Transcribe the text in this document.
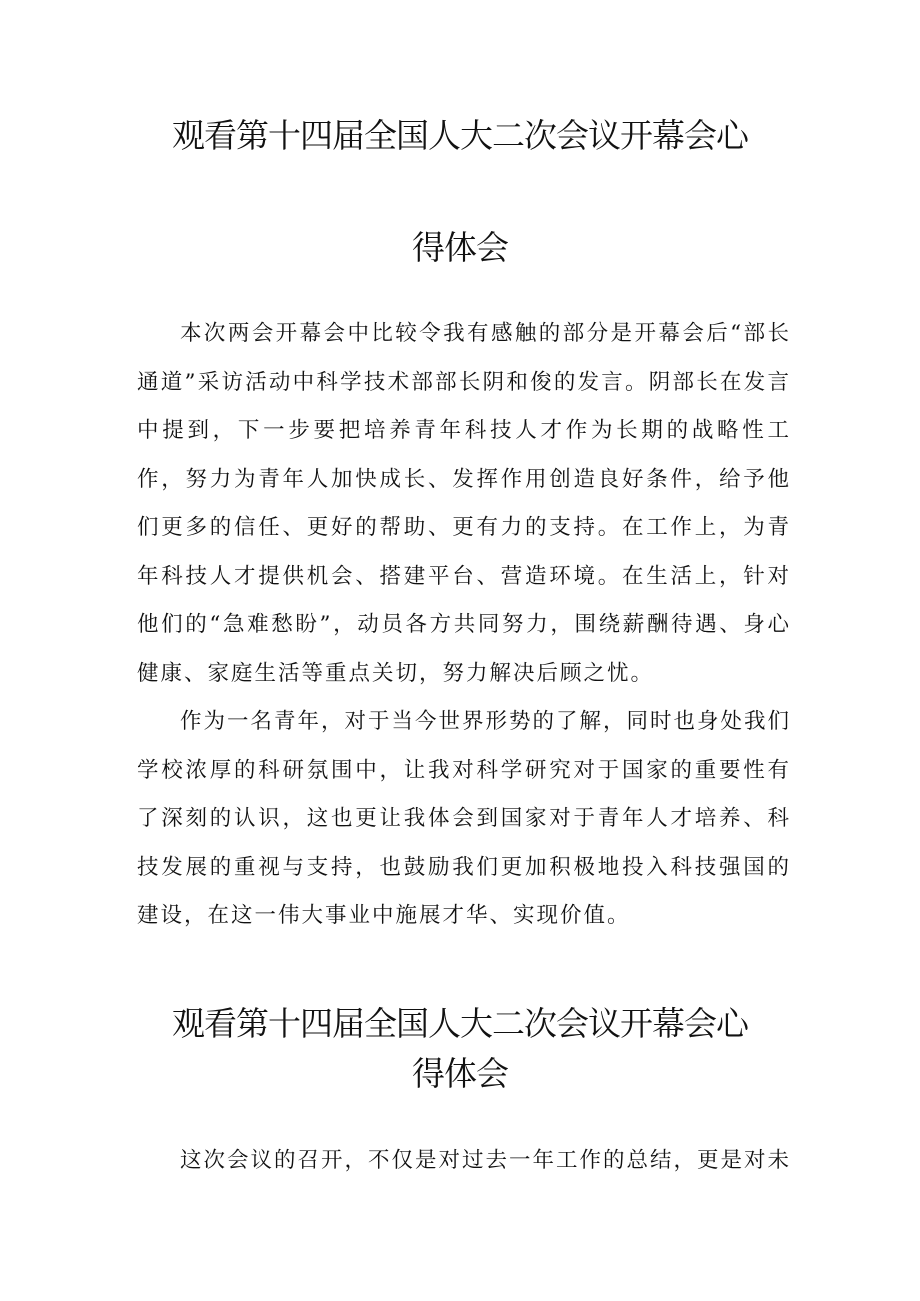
观看第十四届全国人大二次会议开幕会心
得体会

本次两会开幕会中比较令我有感触的部分是开幕会后“部长通道”采访活动中科学技术部部长阴和俊的发言。阴部长在发言中提到，下一步要把培养青年科技人才作为长期的战略性工作，努力为青年人加快成长、发挥作用创造良好条件，给予他们更多的信任、更好的帮助、更有力的支持。在工作上，为青年科技人才提供机会、搭建平台、营造环境。在生活上，针对他们的“急难愁盼”，动员各方共同努力，围绕薪酬待遇、身心健康、家庭生活等重点关切，努力解决后顾之忧。

作为一名青年，对于当今世界形势的了解，同时也身处我们学校浓厚的科研氛围中，让我对科学研究对于国家的重要性有了深刻的认识，这也更让我体会到国家对于青年人才培养、科技发展的重视与支持，也鼓励我们更加积极地投入科技强国的建设，在这一伟大事业中施展才华、实现价值。

观看第十四届全国人大二次会议开幕会心
得体会

这次会议的召开，不仅是对过去一年工作的总结，更是对未
